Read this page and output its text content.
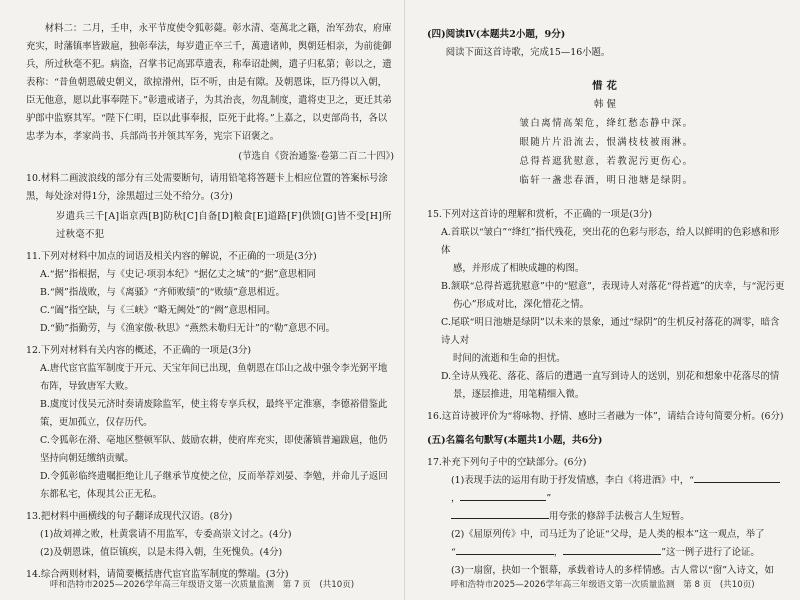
材料二：二月，壬申，永平节度使令狐彰薨。彰水清、毫萬北之籍，治军劲农，府庫充实，时藩镇率皆跋扈，独彰奉法，每岁遣正卒三千，萬遗诸帅，舆朝廷相亲，为前徙御兵，所过秋毫不犯。病盗，召掌书记高郢草遗表，称奉诏赴阙，遣子归私第；彰以之，遗表称：“昔鱼朝恩破史朝义，欲掠滑州，臣不听，由是有隙。及朝恩诛，臣乃得以入朝，臣无他意，愿以此事奉陛下。”彰遗戒诸子，为其治丧，勿乱制度，遣将吏卫之，更迁其弟驴郎中监察其军。“陛下仁明，臣以此事奉报，臣死于此将。”上嘉之，以吏部尚书，各以忠孝为本，孝家尚书、兵部尚书并领其军务，宪宗下诏褒之。

(节选自《资治通鉴·卷第二百二十四》)

10.材料二画波浪线的部分有三处需要断句，请用铅笔将答题卡上相应位置的答案标号涂黑，每处涂对得1分，涂黑超过三处不给分。(3分)

岁遣兵三千[A]诣京西[B]防秋[C]自备[D]粮食[E]道路[F]供馈[G]皆不受[H]所过秋毫不犯

11.下列对材料中加点的词语及相关内容的解说，不正确的一项是(3分)

A.“据”指根据，与《史记·项羽本纪》“据亿丈之城”的“据”意思相同

B.“阙”指战败，与《离骚》“齐师败绩”的“败绩”意思相近。

C.“阖”指空缺，与《三峡》“略无阙处”的“阙”意思相同。

D.“勤”指勤劳，与《渔家傲·秋思》“燕然未勒归无计”的“勒”意思不同。

12.下列对材料有关内容的概述，不正确的一项是(3分)

A.唐代宦官监军制度于开元、天宝年间已出现，鱼朝恩在邙山之战中强令李光弼平地布阵，导致唐军大败。

B.虞度讨伐吴元济时奏请废除监军，使主将专享兵权，最终平定淮寨，李德裕借鉴此策，更加孤立，仅存历代。

C.令狐彰在滑、亳地区整顿军队、鼓励农耕，使府库充实，即使藩镇普遍跋扈，他仍坚持向朝廷缴纳贡赋。

D.令狐彰临终遗嘱拒绝让儿子继承节度使之位，反而举荐刘晏、李勉，并命儿子返回东都私宅，体现其公正无私。

13.把材料中画横线的句子翻译成现代汉语。(8分)

(1)故刘禅之败，杜黄裳请不用监军，专委高崇文讨之。(4分)

(2)及朝恩诛，值臣镇疾，以是未得入朝，生死愧负。(4分)

14.综合两则材料，请简要概括唐代宦官监军制度的弊端。(3分)

呼和浩特市2025—2026学年高三年级语文第一次质量监测　第 7 页　(共10页)

(四)阅读Ⅳ(本题共2小题，9分)

阅读下面这首诗歌，完成15—16小题。

惜花

韩偓

皱白离情高架危，绛红愁态静中深。

眼随片片沿流去，恨满枝枝被雨淋。

总得苔遮犹慰意，若教泥污更伤心。

临轩一盏悲春酒，明日池塘是绿阴。

15.下列对这首诗的理解和赏析，不正确的一项是(3分)

A.首联以“皱白”“绛红”指代残花，突出花的色彩与形态，给人以鲜明的色彩感和形体

感，并形成了相映成趣的构图。

B.颔联“总得苔遮犹慰意”中的“慰意”，表现诗人对落花“得苔遮”的庆幸，与“泥污更

伤心”形成对比，深化惜花之情。

C.尾联“明日池塘是绿阴”以未来的景象，通过“绿阴”的生机反衬落花的凋零，暗含诗人对

时间的流逝和生命的担忧。

D.全诗从残花、落花、落后的遭遇一直写到诗人的送别，别花和想象中花落尽的情

景，逐层推进，用笔精细入微。

16.这首诗被评价为“将咏物、抒情、感时三者融为一体”，请结合诗句简要分析。(6分)

(五)名篇名句默写(本题共1小题，共6分)

17.补充下列句子中的空缺部分。(6分)

(1)表现手法的运用有助于抒发情感，李白《将进酒》中，“，	”

用夸张的修辞手法极言人生短暂。

(2)《屈原列传》中，司马迁为了论证“父母，是人类的根本”这一观点，举了

“	，	”这一例子进行了论证。

(3)一扇窗，抉如一个银幕，承载着诗人的多样情感。古人常以“窗”入诗文，如

呼和浩特市2025—2026学年高三年级语文第一次质量监测　第 8 页　(共10页)
